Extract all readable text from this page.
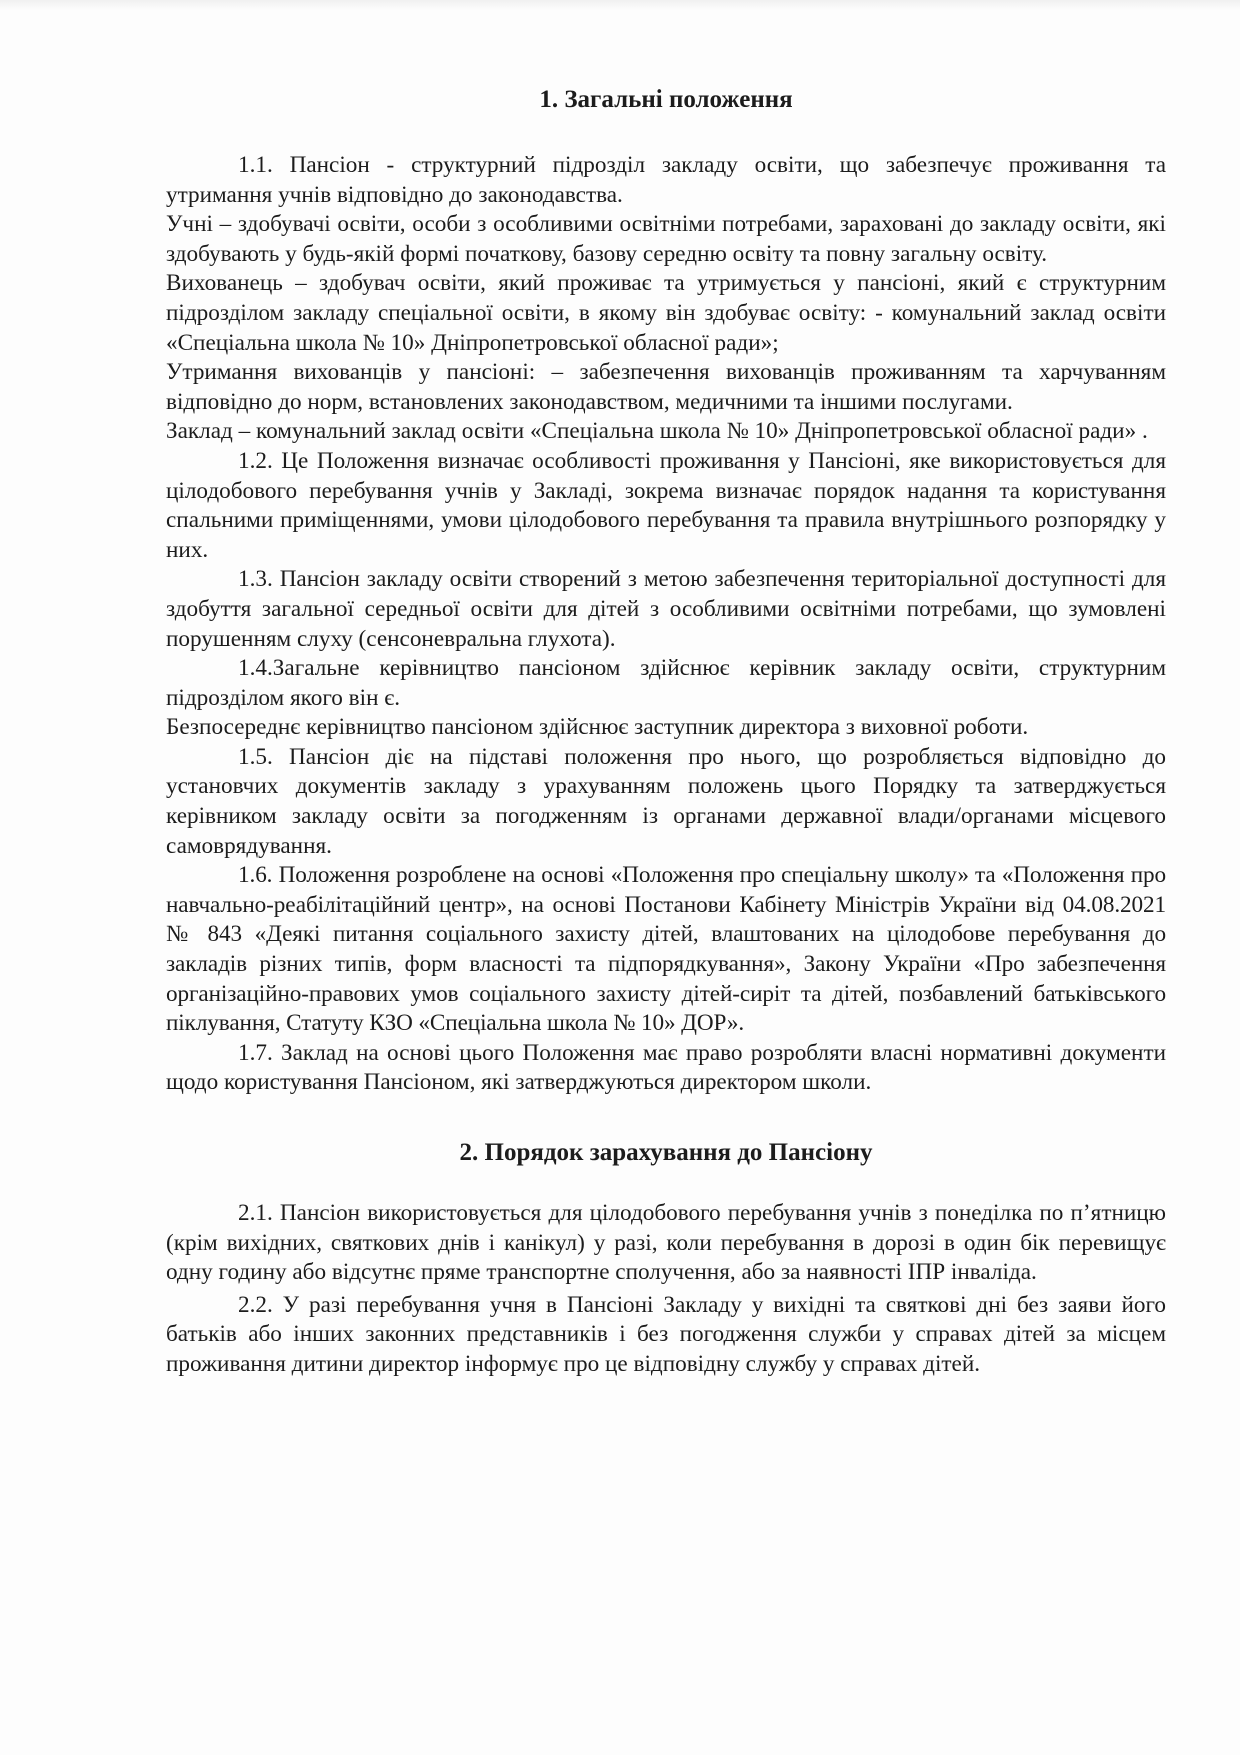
1. Загальні положення

1.1. Пансіон - структурний підрозділ закладу освіти, що забезпечує проживання та утримання учнів відповідно до законодавства.

Учні – здобувачі освіти, особи з особливими освітніми потребами, зараховані до закладу освіти, які здобувають у будь-якій формі початкову, базову середню освіту та повну загальну освіту.

Вихованець – здобувач освіти, який проживає та утримується у пансіоні, який є структурним підрозділом закладу спеціальної освіти, в якому він здобуває освіту: - комунальний заклад освіти «Спеціальна школа № 10» Дніпропетровської обласної ради»;

Утримання вихованців у пансіоні: – забезпечення вихованців проживанням та харчуванням відповідно до норм, встановлених законодавством, медичними та іншими послугами.

Заклад – комунальний заклад освіти «Спеціальна школа № 10» Дніпропетровської обласної ради» .

1.2. Це Положення визначає особливості проживання у Пансіоні, яке використовується для цілодобового перебування учнів у Закладі, зокрема визначає порядок надання та користування спальними приміщеннями, умови цілодобового перебування та правила внутрішнього розпорядку у них.

1.3. Пансіон закладу освіти створений з метою забезпечення територіальної доступності для здобуття загальної середньої освіти для дітей з особливими освітніми потребами, що зумовлені порушенням слуху (сенсоневральна глухота).

1.4.Загальне керівництво пансіоном здійснює керівник закладу освіти, структурним підрозділом якого він є.

Безпосереднє керівництво пансіоном здійснює заступник директора з виховної роботи.

1.5. Пансіон діє на підставі положення про нього, що розробляється відповідно до установчих документів закладу з урахуванням положень цього Порядку та затверджується керівником закладу освіти за погодженням із органами державної влади/органами місцевого самоврядування.

1.6. Положення розроблене на основі «Положення про спеціальну школу» та «Положення про навчально-реабілітаційний центр», на основі Постанови Кабінету Міністрів України від 04.08.2021 № 843 «Деякі питання соціального захисту дітей, влаштованих на цілодобове перебування до закладів різних типів, форм власності та підпорядкування», Закону України «Про забезпечення організаційно-правових умов соціального захисту дітей-сиріт та дітей, позбавлений батьківського піклування, Статуту КЗО «Спеціальна школа № 10» ДОР».

1.7. Заклад на основі цього Положення має право розробляти власні нормативні документи щодо користування Пансіоном, які затверджуються директором школи.

2. Порядок зарахування до Пансіону

2.1. Пансіон використовується для цілодобового перебування учнів з понеділка по п’ятницю (крім вихідних, святкових днів і канікул) у разі, коли перебування в дорозі в один бік перевищує одну годину або відсутнє пряме транспортне сполучення, або за наявності ІПР інваліда.

2.2. У разі перебування учня в Пансіоні Закладу у вихідні та святкові дні без заяви його батьків або інших законних представників і без погодження служби у справах дітей за місцем проживання дитини директор інформує про це відповідну службу у справах дітей.
